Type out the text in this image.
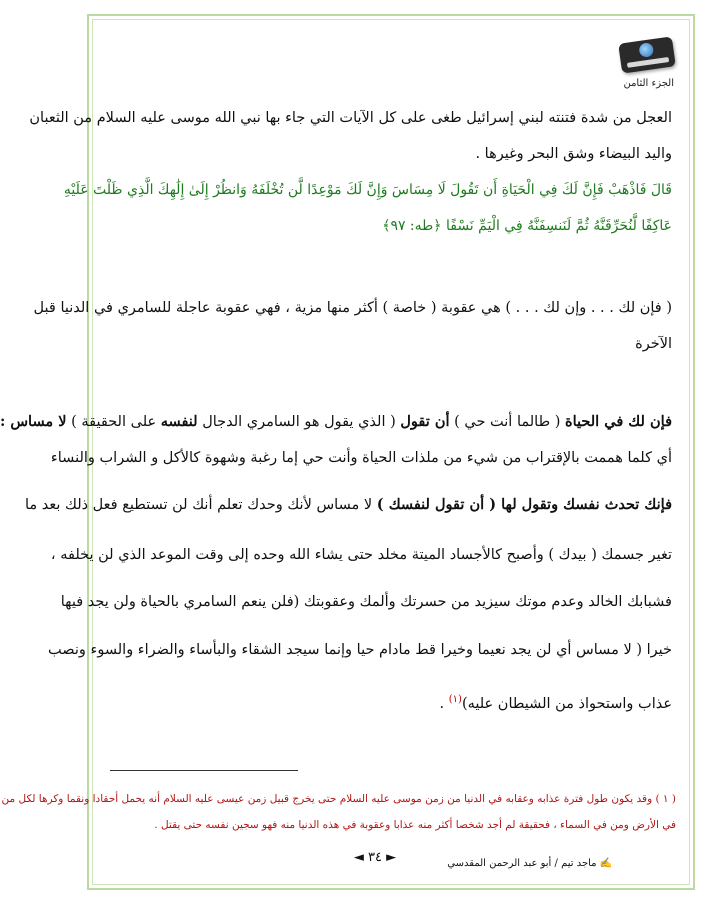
الجزء الثامن
العجل من شدة فتنته لبني إسرائيل طغى على كل الآيات التي جاء بها نبي الله موسى عليه السلام من الثعبان
واليد البيضاء وشق البحر وغيرها .
قَالَ فَاذْهَبْ فَإِنَّ لَكَ فِي الْحَيَاةِ أَن تَقُولَ لَا مِسَاسَ وَإِنَّ لَكَ مَوْعِدًا لَّن تُخْلَفَهُ وَانظُرْ إِلَىٰ إِلَٰهِكَ الَّذِي ظَلْتَ عَلَيْهِ
عَاكِفًا لَّنُحَرِّقَنَّهُ ثُمَّ لَنَنسِفَنَّهُ فِي الْيَمِّ نَسْفًا ﴿طه: ٩٧﴾
( فإن لك . . . وإن لك . . . ) هي عقوبة ( خاصة ) أكثر منها مزية ، فهي عقوبة عاجلة للسامري في الدنيا قبل
الآخرة
فإن لك في الحياة ( طالما أنت حي ) أن تقول ( الذي يقول هو السامري الدجال لنفسه على الحقيقة ) لا مساس :
أي كلما هممت بالإقتراب من شيء من ملذات الحياة وأنت حي إما رغبة وشهوة كالأكل و الشراب والنساء
فإنك تحدث نفسك وتقول لها ( أن تقول لنفسك ) لا مساس لأنك وحدك تعلم أنك لن تستطيع فعل ذلك بعد ما
تغير جسمك ( بيدك ) وأصبح كالأجساد الميتة مخلد حتى يشاء الله وحده إلى وقت الموعد الذي لن يخلفه ،
فشبابك الخالد وعدم موتك سيزيد من حسرتك وألمك وعقوبتك (فلن ينعم السامري بالحياة ولن يجد فيها
خيرا ( لا مساس أي لن يجد نعيما وخيرا قط مادام حيا وإنما سيجد الشقاء والبأساء والضراء والسوء ونصب
عذاب واستحواذ من الشيطان عليه)$^{(١)}$ .
( ١ ) وقد يكون طول فترة عذابه وعقابه في الدنيا من زمن موسى عليه السلام حتى يخرج قبيل زمن عيسى عليه السلام أنه يحمل أحقادا ونقما وكرها لكل من
في الأرض ومن في السماء ، فحقيقة لم أجد شخصا أكثر منه عذابا وعقوبة في هذه الدنيا منه فهو سجين نفسه حتى يقتل .
◄ ٣٤ ►	✍ماجد تيم / أبو عبد الرحمن المقدسي
